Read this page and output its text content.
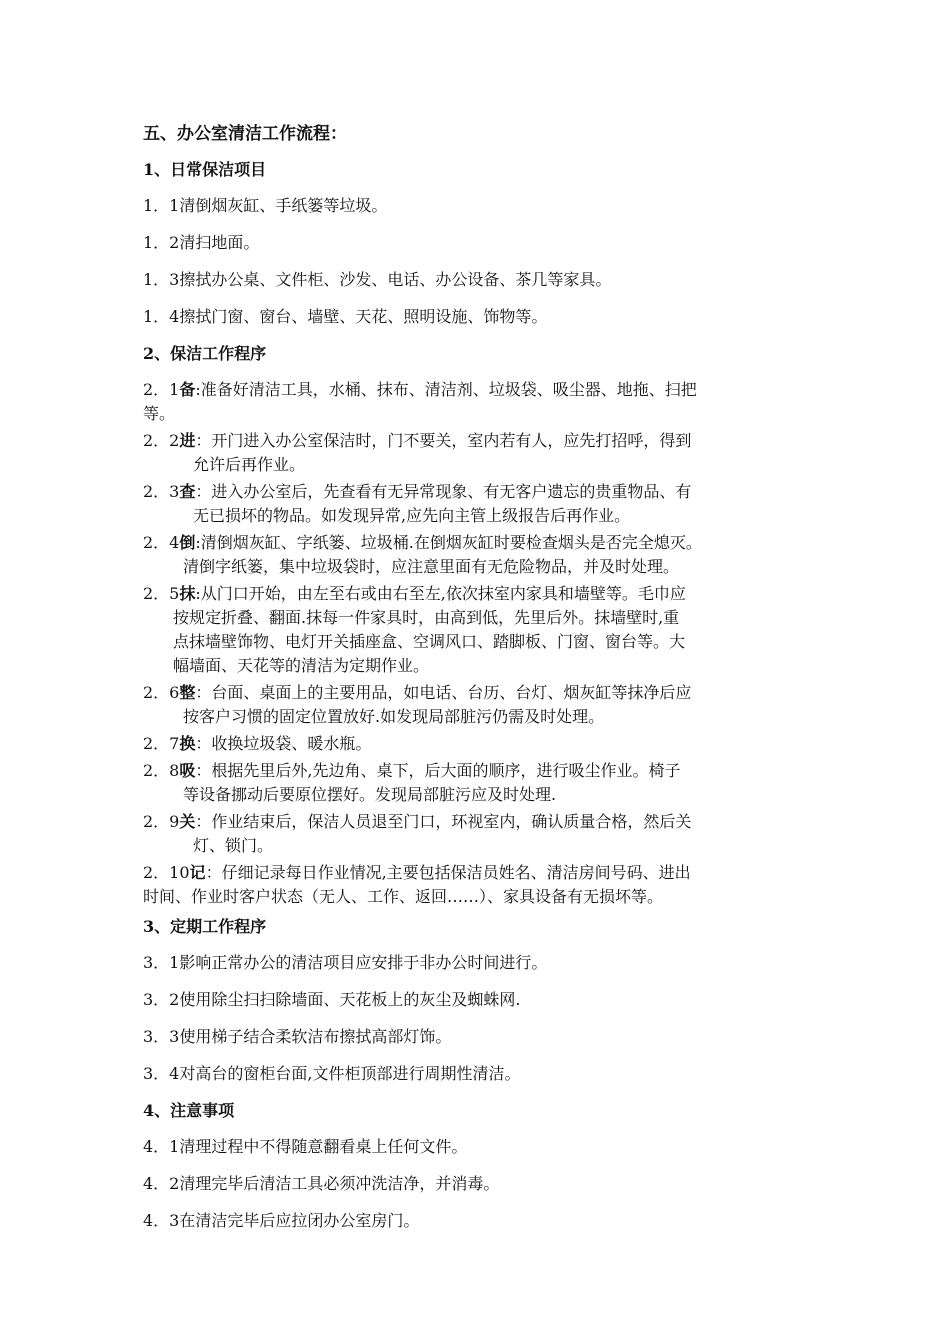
五、办公室清洁工作流程：
1、日常保洁项目
1．1清倒烟灰缸、手纸篓等垃圾。
1．2清扫地面。
1．3擦拭办公桌、文件柜、沙发、电话、办公设备、茶几等家具。
1．4擦拭门窗、窗台、墙壁、天花、照明设施、饰物等。
2、保洁工作程序
2．1备:准备好清洁工具，水桶、抹布、清洁剂、垃圾袋、吸尘器、地拖、扫把
等。
2．2进：开门进入办公室保洁时，门不要关，室内若有人，应先打招呼，得到
允许后再作业。
2．3查：进入办公室后，先查看有无异常现象、有无客户遗忘的贵重物品、有
无已损坏的物品。如发现异常,应先向主管上级报告后再作业。
2．4倒:清倒烟灰缸、字纸篓、垃圾桶.在倒烟灰缸时要检查烟头是否完全熄灭。
清倒字纸篓，集中垃圾袋时，应注意里面有无危险物品，并及时处理。
2．5抹:从门口开始，由左至右或由右至左,依次抹室内家具和墙壁等。毛巾应
按规定折叠、翻面.抹每一件家具时，由高到低，先里后外。抹墙壁时,重
点抹墙壁饰物、电灯开关插座盒、空调风口、踏脚板、门窗、窗台等。大
幅墙面、天花等的清洁为定期作业。
2．6整：台面、桌面上的主要用品，如电话、台历、台灯、烟灰缸等抹净后应
按客户习惯的固定位置放好.如发现局部脏污仍需及时处理。
2．7换：收换垃圾袋、暖水瓶。
2．8吸：根据先里后外,先边角、桌下，后大面的顺序，进行吸尘作业。椅子
等设备挪动后要原位摆好。发现局部脏污应及时处理.
2．9关：作业结束后，保洁人员退至门口，环视室内，确认质量合格，然后关
灯、锁门。
2．10记：仔细记录每日作业情况,主要包括保洁员姓名、清洁房间号码、进出
时间、作业时客户状态（无人、工作、返回……）、家具设备有无损坏等。
3、定期工作程序
3．1影响正常办公的清洁项目应安排于非办公时间进行。
3．2使用除尘扫扫除墙面、天花板上的灰尘及蜘蛛网.
3．3使用梯子结合柔软洁布擦拭高部灯饰。
3．4对高台的窗柜台面,文件柜顶部进行周期性清洁。
4、注意事项
4．1清理过程中不得随意翻看桌上任何文件。
4．2清理完毕后清洁工具必须冲洗洁净，并消毒。
4．3在清洁完毕后应拉闭办公室房门。
